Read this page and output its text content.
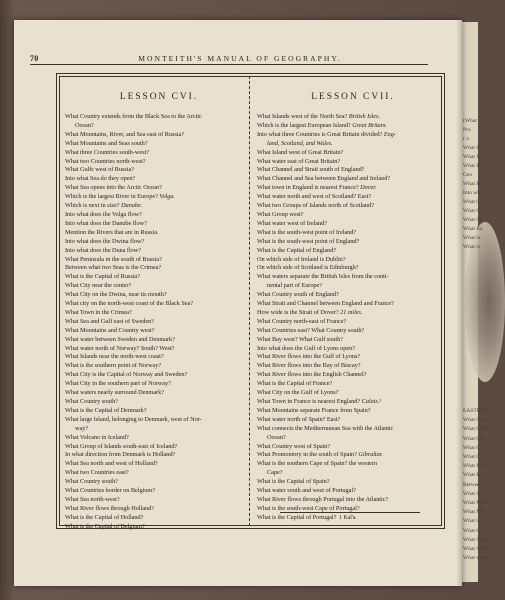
(What
Pro
r a
What In
What Is
What Is
Geo
What Bi
Into whi
What Ca
What Ca
What Ce
What Ba
What is
What is
EASTERN A
What City
What City
What City
What City
What Cit
What Kin
What Riv
Betwee
What Sea
What Mou
What Mou
What is t
What Gul
What Strai
What Strait
What waters
70	MONTEITH'S MANUAL OF GEOGRAPHY.
LESSON CVI.
What Country extends from the Black Sea to the Arctic
Ocean?
What Mountains, River, and Sea east of Russia?
What Mountains and Seas south?
What three Countries south-west?
What two Countries north-west?
What Gulfs west of Russia?
Into what Sea do they open?
What Sea opens into the Arctic Ocean?
Which is the largest River in Europe? Volga.
Which is next in size? Danube.
Into what does the Volga flow?
Into what does the Danube flow?
Mention the Rivers that are in Russia.
Into what does the Dwina flow?
Into what does the Duna flow?
What Peninsula in the south of Russia?
Between what two Seas is the Crimea?
What is the Capital of Russia?
What City near the center?
What City on the Dwina, near its mouth?
What city on the north-west coast of the Black Sea?
What Town in the Crimea?
What Sea and Gulf east of Sweden?
What Mountains and Country west?
What water between Sweden and Denmark?
What water north of Norway? South? West?
What Islands near the north-west coast?
What is the southern point of Norway?
What City is the Capital of Norway and Sweden?
What City in the southern part of Norway?
What waters nearly surround Denmark?
What Country south?
What is the Capital of Denmark?
What large Island, belonging to Denmark, west of Nor-
way?
What Volcano in Iceland?
What Group of Islands south-east of Iceland?
In what direction from Denmark is Holland?
What Sea north and west of Holland?
What two Countries east?
What Country south?
What Countries border on Belgium?
What Sea north-west?
What River flows through Holland?
What is the Capital of Holland?
What is the Capital of Belgium?
LESSON CVII.
What Islands west of the North Sea? British Isles.
Which is the largest European Island? Great Britain.
Into what three Countries is Great Britain divided? Eng-
land, Scotland, and Wales.
What Island west of Great Britain?
What water east of Great Britain?
What Channel and Strait south of England?
What Channel and Sea between England and Ireland?
What town in England is nearest France? Dover.
What water north and west of Scotland? East?
What two Groups of Islands north of Scotland?
What Group west?
What water west of Ireland?
What is the south-west point of Ireland?
What is the south-west point of England?
What is the Capital of England?
On which side of Ireland is Dublin?
On which side of Scotland is Edinburgh?
What waters separate the British Isles from the conti-
nental part of Europe?
What Country south of England?
What Strait and Channel between England and France?
How wide is the Strait of Dover? 21 miles.
What Country north-east of France?
What Countries east? What Country south?
What Bay west? What Gulf south?
Into what does the Gulf of Lyons open?
What River flows into the Gulf of Lyons?
What River flows into the Bay of Biscay?
What River flows into the English Channel?
What is the Capital of France?
What City on the Gulf of Lyons?
What Town in France is nearest England? Calais.¹
What Mountains separate France from Spain?
What water north of Spain? East?
What connects the Mediterranean Sea with the Atlantic
Ocean?
What Country west of Spain?
What Promontory in the south of Spain? Gibraltar.
What is the southern Cape of Spain? the western
Cape?
What is the Capital of Spain?
What water south and west of Portugal?
What River flows through Portugal into the Atlantic?
What is the south-west Cape of Portugal?
What is the Capital of Portugal? 1 Kal'a.
